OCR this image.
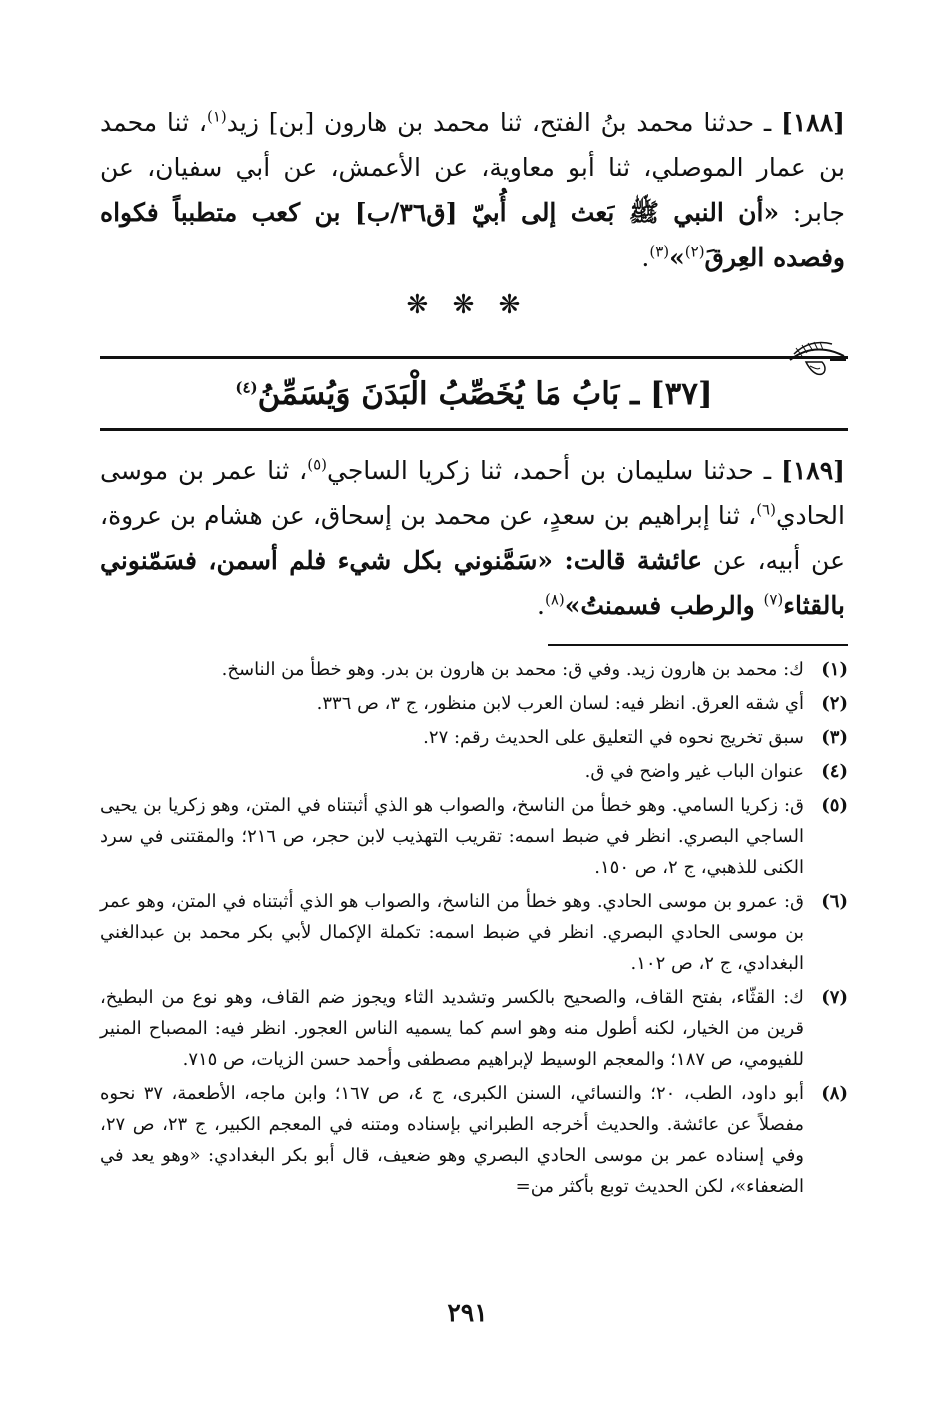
[١٨٨] ـ حدثنا محمد بنُ الفتح، ثنا محمد بن هارون [بن] زيد$^{(١)}$، ثنا محمد بن عمار الموصلي، ثنا أبو معاوية، عن الأعمش، عن أبي سفيان، عن جابر: «أن النبي ﷺ بَعث إلى أُبيّ [ق٣٦/ب] بن كعب متطبباً فكواه وفصده العِرقَ$^{(٢)}$»$^{(٣)}$.
❋ ❋ ❋
[٣٧] ـ بَابُ مَا يُخَصِّبُ الْبَدَنَ وَيُسَمِّنُ$^{(٤)}$
[١٨٩] ـ حدثنا سليمان بن أحمد، ثنا زكريا الساجي$^{(٥)}$، ثنا عمر بن موسى الحادي$^{(٦)}$، ثنا إبراهيم بن سعدٍ، عن محمد بن إسحاق، عن هشام بن عروة، عن أبيه، عن عائشة قالت: «سَمَّنوني بكل شيء فلم أسمن، فسَمّنوني بالقثاء$^{(٧)}$ والرطب فسمنتُ»$^{(٨)}$.
(١)
ك: محمد بن هارون زيد. وفي ق: محمد بن هارون بن بدر. وهو خطأ من الناسخ.
(٢)
أي شقه العرق. انظر فيه: لسان العرب لابن منظور، ج ٣، ص ٣٣٦.
(٣)
سبق تخريج نحوه في التعليق على الحديث رقم: ٢٧.
(٤)
عنوان الباب غير واضح في ق.
(٥)
ق: زكريا السامي. وهو خطأ من الناسخ، والصواب هو الذي أثبتناه في المتن، وهو زكريا بن يحيى الساجي البصري. انظر في ضبط اسمه: تقريب التهذيب لابن حجر، ص ٢١٦؛ والمقتنى في سرد الكنى للذهبي، ج ٢، ص ١٥٠.
(٦)
ق: عمرو بن موسى الحادي. وهو خطأ من الناسخ، والصواب هو الذي أثبتناه في المتن، وهو عمر بن موسى الحادي البصري. انظر في ضبط اسمه: تكملة الإكمال لأبي بكر محمد بن عبدالغني البغدادي، ج ٢، ص ١٠٢.
(٧)
ك: القثّاء، بفتح القاف، والصحيح بالكسر وتشديد الثاء ويجوز ضم القاف، وهو نوع من البطيخ، قرين من الخيار، لكنه أطول منه وهو اسم كما يسميه الناس العجور. انظر فيه: المصباح المنير للفيومي، ص ١٨٧؛ والمعجم الوسيط لإبراهيم مصطفى وأحمد حسن الزيات، ص ٧١٥.
(٨)
أبو داود، الطب، ٢٠؛ والنسائي، السنن الكبرى، ج ٤، ص ١٦٧؛ وابن ماجه، الأطعمة، ٣٧ نحوه مفصلاً عن عائشة. والحديث أخرجه الطبراني بإسناده ومتنه في المعجم الكبير، ج ٢٣، ص ٢٧، وفي إسناده عمر بن موسى الحادي البصري وهو ضعيف، قال أبو بكر البغدادي: «وهو يعد في الضعفاء»، لكن الحديث توبع بأكثر من=
٢٩١
